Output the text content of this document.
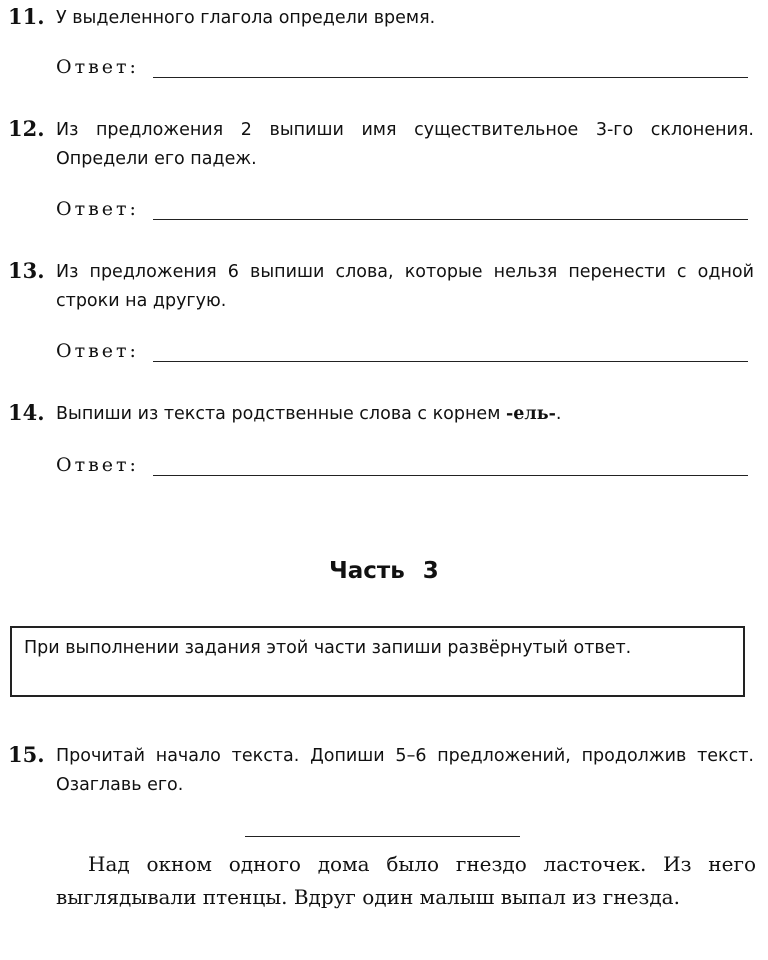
11. У выделенного глагола определи время.
Ответ:
12. Из предложения 2 выпиши имя существительное 3-го склонения. Определи его падеж.
Ответ:
13. Из предложения 6 выпиши слова, которые нельзя перенести с одной строки на другую.
Ответ:
14. Выпиши из текста родственные слова с корнем -ель-.
Ответ:
Часть 3
При выполнении задания этой части запиши развёрнутый ответ.
15. Прочитай начало текста. Допиши 5–6 предложений, продолжив текст. Озаглавь его.
Над окном одного дома было гнездо ласточек. Из него выглядывали птенцы. Вдруг один малыш выпал из гнезда.
